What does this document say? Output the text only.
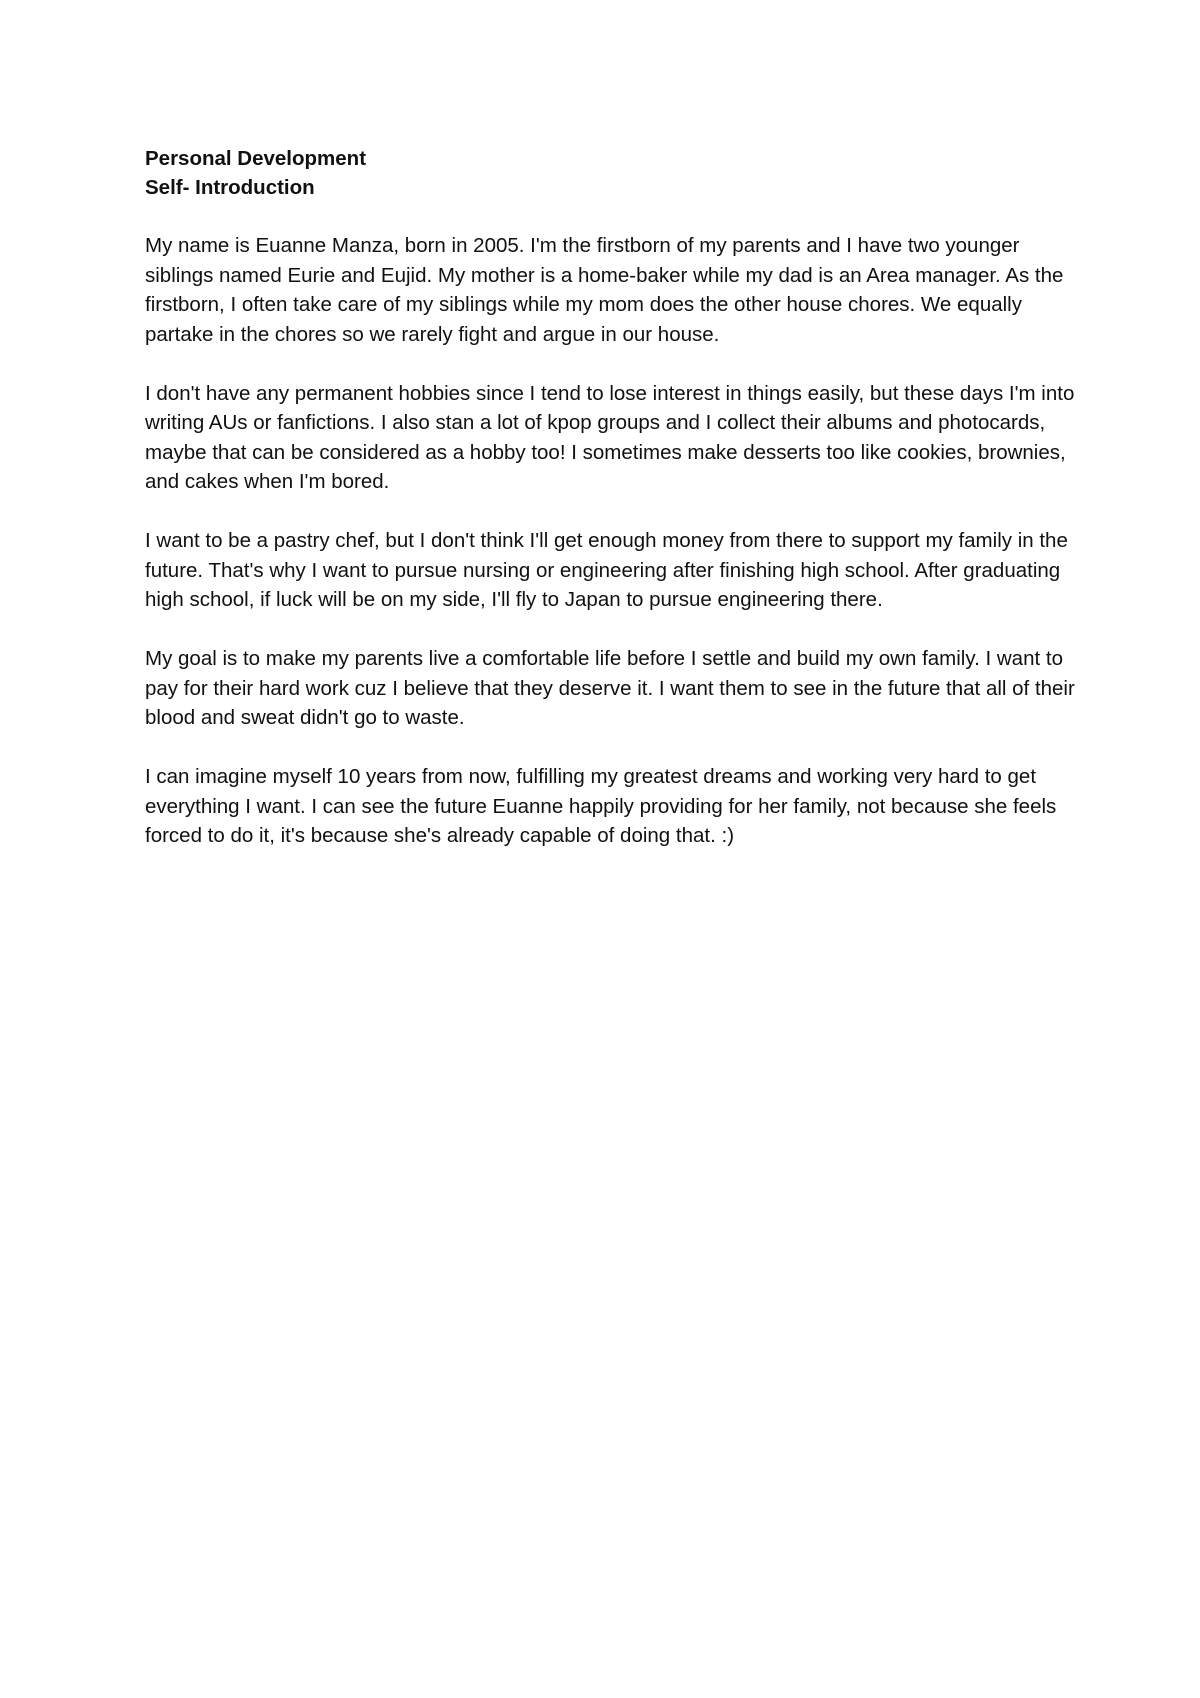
Personal Development

Self- Introduction

My name is Euanne Manza, born in 2005. I'm the firstborn of my parents and I have two younger siblings named Eurie and Eujid. My mother is a home-baker while my dad is an Area manager. As the firstborn, I often take care of my siblings while my mom does the other house chores. We equally partake in the chores so we rarely fight and argue in our house.

I don't have any permanent hobbies since I tend to lose interest in things easily, but these days I'm into writing AUs or fanfictions. I also stan a lot of kpop groups and I collect their albums and photocards, maybe that can be considered as a hobby too! I sometimes make desserts too like cookies, brownies, and cakes when I'm bored.

I want to be a pastry chef, but I don't think I'll get enough money from there to support my family in the future. That's why I want to pursue nursing or engineering after finishing high school. After graduating high school, if luck will be on my side, I'll fly to Japan to pursue engineering there.

My goal is to make my parents live a comfortable life before I settle and build my own family. I want to pay for their hard work cuz I believe that they deserve it. I want them to see in the future that all of their blood and sweat didn't go to waste.

I can imagine myself 10 years from now, fulfilling my greatest dreams and working very hard to get everything I want. I can see the future Euanne happily providing for her family, not because she feels forced to do it, it's because she's already capable of doing that. :)
